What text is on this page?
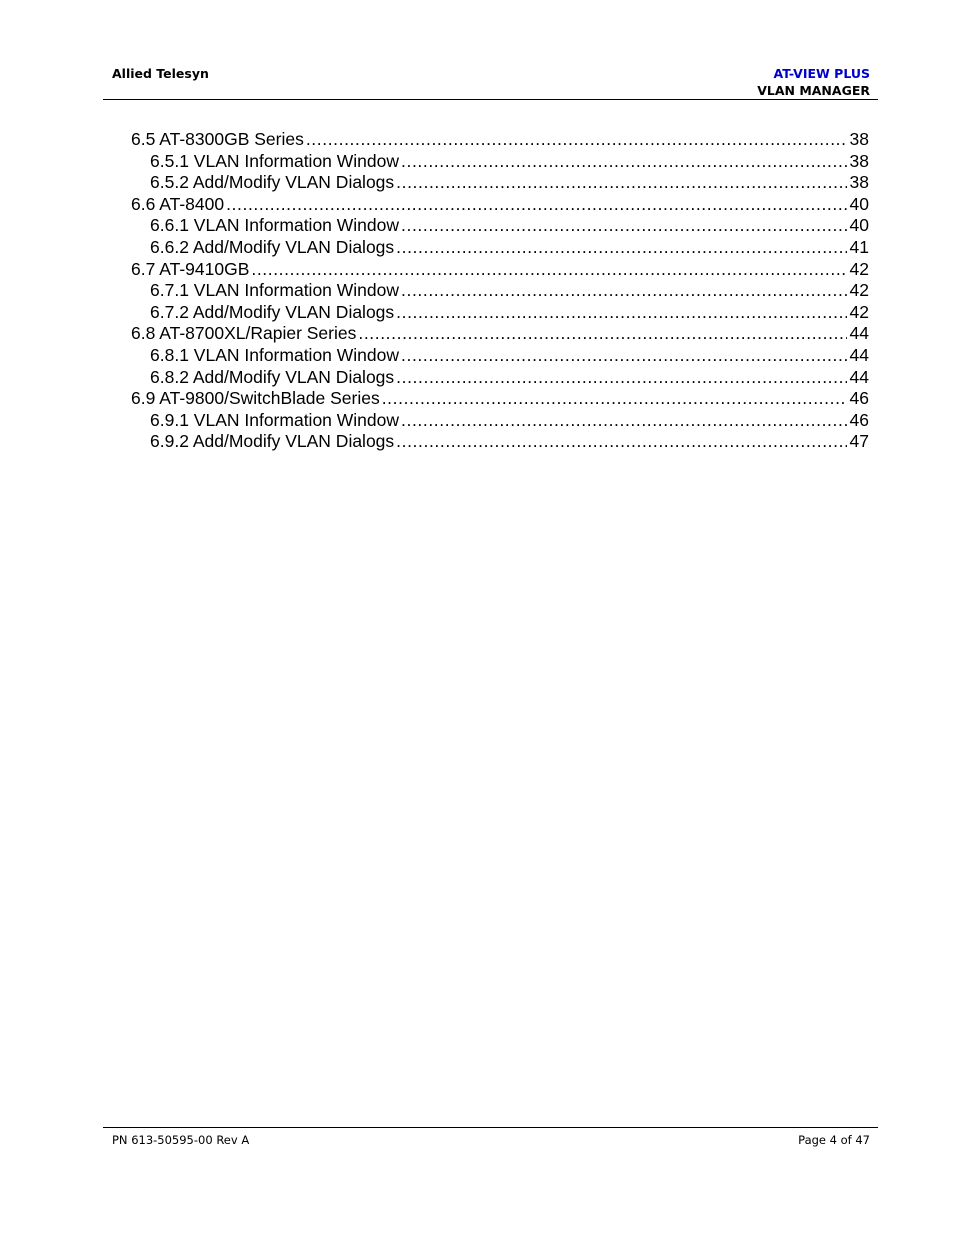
Allied Telesyn	AT-VIEW PLUS
VLAN MANAGER
6.5 AT-8300GB Series .....	38
6.5.1 VLAN Information Window .....	38
6.5.2 Add/Modify VLAN Dialogs .....	38
6.6 AT-8400 .....	40
6.6.1 VLAN Information Window .....	40
6.6.2 Add/Modify VLAN Dialogs .....	41
6.7 AT-9410GB .....	42
6.7.1 VLAN Information Window .....	42
6.7.2 Add/Modify VLAN Dialogs .....	42
6.8 AT-8700XL/Rapier Series .....	44
6.8.1 VLAN Information Window .....	44
6.8.2 Add/Modify VLAN Dialogs .....	44
6.9 AT-9800/SwitchBlade Series .....	46
6.9.1 VLAN Information Window .....	46
6.9.2 Add/Modify VLAN Dialogs .....	47
PN 613-50595-00 Rev A	Page 4 of 47
